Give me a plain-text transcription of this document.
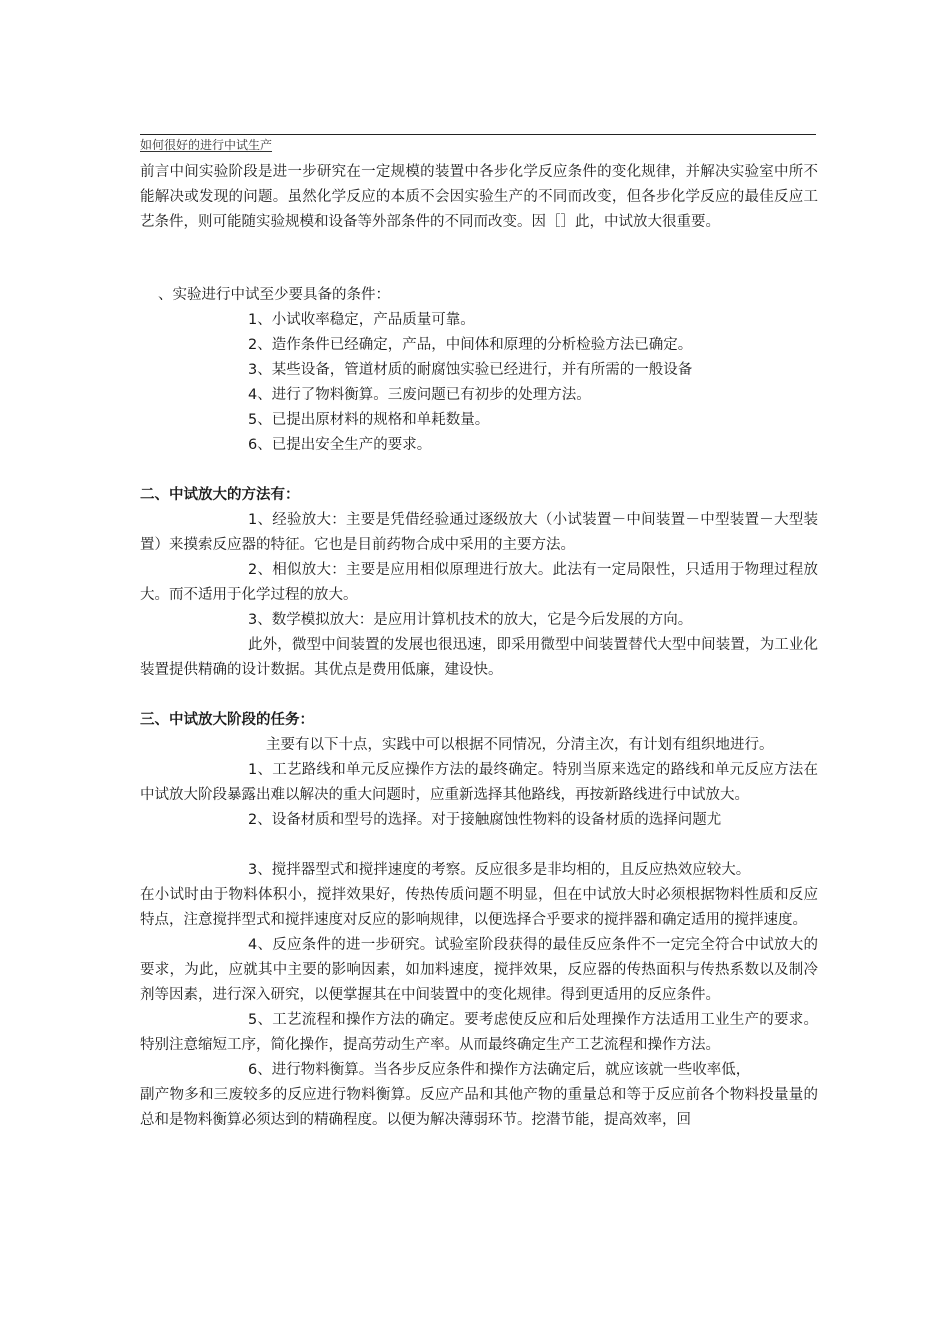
如何很好的进行中试生产

前言中间实验阶段是进一步研究在一定规模的装置中各步化学反应条件的变化规律，并解决实验室中所不能解决或发现的问题。虽然化学反应的本质不会因实验生产的不同而改变，但各步化学反应的最佳反应工艺条件，则可能随实验规模和设备等外部条件的不同而改变。因［］此，中试放大很重要。

、实验进行中试至少要具备的条件：

1、小试收率稳定，产品质量可靠。

2、造作条件已经确定，产品，中间体和原理的分析检验方法已确定。

3、某些设备，管道材质的耐腐蚀实验已经进行，并有所需的一般设备

4、进行了物料衡算。三废问题已有初步的处理方法。

5、已提出原材料的规格和单耗数量。

6、已提出安全生产的要求。

二、中试放大的方法有：

1、经验放大：主要是凭借经验通过逐级放大（小试装置－中间装置－中型装置－大型装置）来摸索反应器的特征。它也是目前药物合成中采用的主要方法。

2、相似放大：主要是应用相似原理进行放大。此法有一定局限性，只适用于物理过程放大。而不适用于化学过程的放大。

3、数学模拟放大：是应用计算机技术的放大，它是今后发展的方向。

此外，微型中间装置的发展也很迅速，即采用微型中间装置替代大型中间装置，为工业化装置提供精确的设计数据。其优点是费用低廉，建设快。

三、中试放大阶段的任务：

主要有以下十点，实践中可以根据不同情况，分清主次，有计划有组织地进行。

1、工艺路线和单元反应操作方法的最终确定。特别当原来选定的路线和单元反应方法在中试放大阶段暴露出难以解决的重大问题时，应重新选择其他路线，再按新路线进行中试放大。

2、设备材质和型号的选择。对于接触腐蚀性物料的设备材质的选择问题尤

3、搅拌器型式和搅拌速度的考察。反应很多是非均相的，且反应热效应较大。

在小试时由于物料体积小，搅拌效果好，传热传质问题不明显，但在中试放大时必须根据物料性质和反应特点，注意搅拌型式和搅拌速度对反应的影响规律，以便选择合乎要求的搅拌器和确定适用的搅拌速度。

4、反应条件的进一步研究。试验室阶段获得的最佳反应条件不一定完全符合中试放大的要求，为此，应就其中主要的影响因素，如加料速度，搅拌效果，反应器的传热面积与传热系数以及制冷剂等因素，进行深入研究，以便掌握其在中间装置中的变化规律。得到更适用的反应条件。

5、工艺流程和操作方法的确定。要考虑使反应和后处理操作方法适用工业生产的要求。特别注意缩短工序，简化操作，提高劳动生产率。从而最终确定生产工艺流程和操作方法。

6、进行物料衡算。当各步反应条件和操作方法确定后，就应该就一些收率低，

副产物多和三废较多的反应进行物料衡算。反应产品和其他产物的重量总和等于反应前各个物料投量量的总和是物料衡算必须达到的精确程度。以便为解决薄弱环节。挖潜节能，提高效率，回
